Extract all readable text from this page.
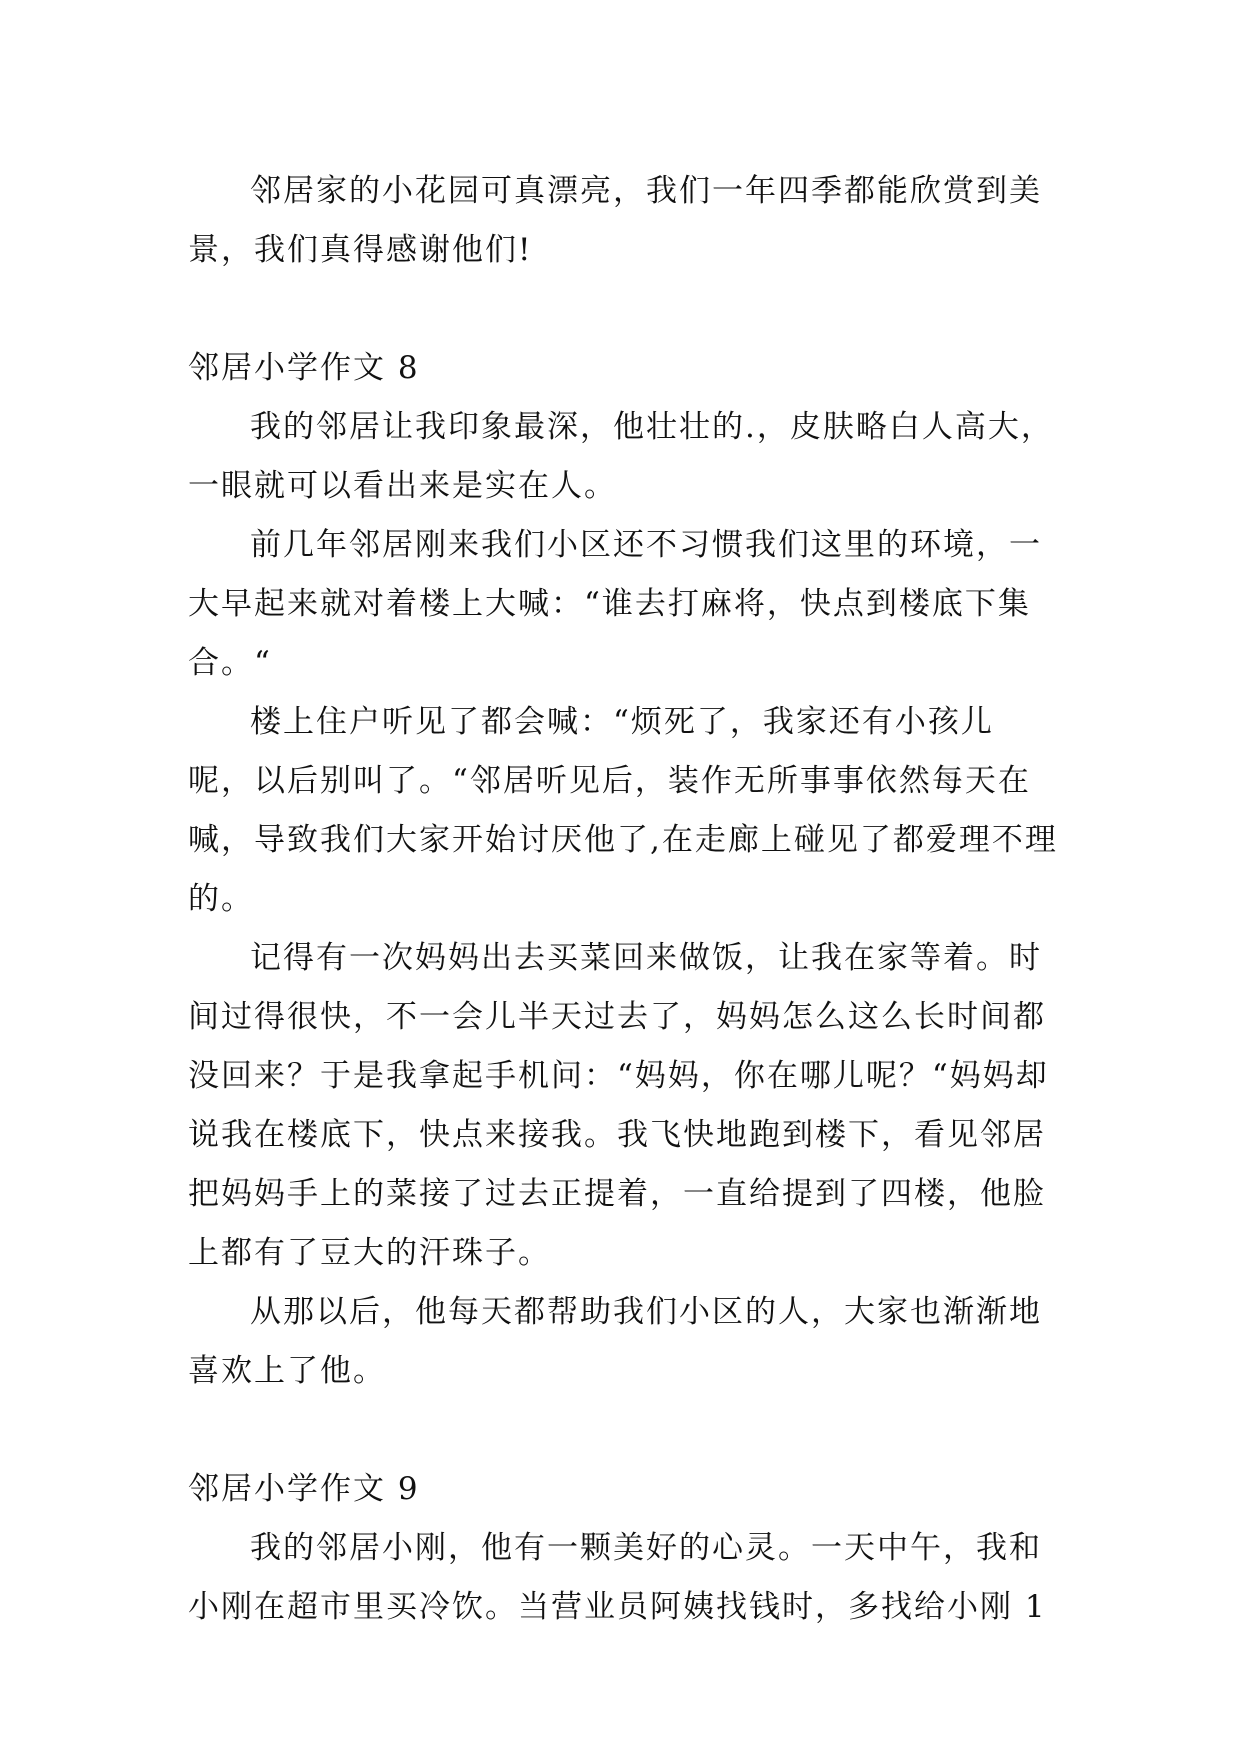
邻居家的小花园可真漂亮，我们一年四季都能欣赏到美景，我们真得感谢他们!

邻居小学作文 8

我的邻居让我印象最深，他壮壮的.，皮肤略白人高大，一眼就可以看出来是实在人。

前几年邻居刚来我们小区还不习惯我们这里的环境，一大早起来就对着楼上大喊：“谁去打麻将，快点到楼底下集合。“

楼上住户听见了都会喊：“烦死了，我家还有小孩儿呢，以后别叫了。“邻居听见后，装作无所事事依然每天在喊，导致我们大家开始讨厌他了,在走廊上碰见了都爱理不理的。

记得有一次妈妈出去买菜回来做饭，让我在家等着。时间过得很快，不一会儿半天过去了，妈妈怎么这么长时间都没回来？于是我拿起手机问：“妈妈，你在哪儿呢？“妈妈却说我在楼底下，快点来接我。我飞快地跑到楼下，看见邻居把妈妈手上的菜接了过去正提着，一直给提到了四楼，他脸上都有了豆大的汗珠子。

从那以后，他每天都帮助我们小区的人，大家也渐渐地喜欢上了他。

邻居小学作文 9

我的邻居小刚，他有一颗美好的心灵。一天中午，我和小刚在超市里买冷饮。当营业员阿姨找钱时，多找给小刚 1
